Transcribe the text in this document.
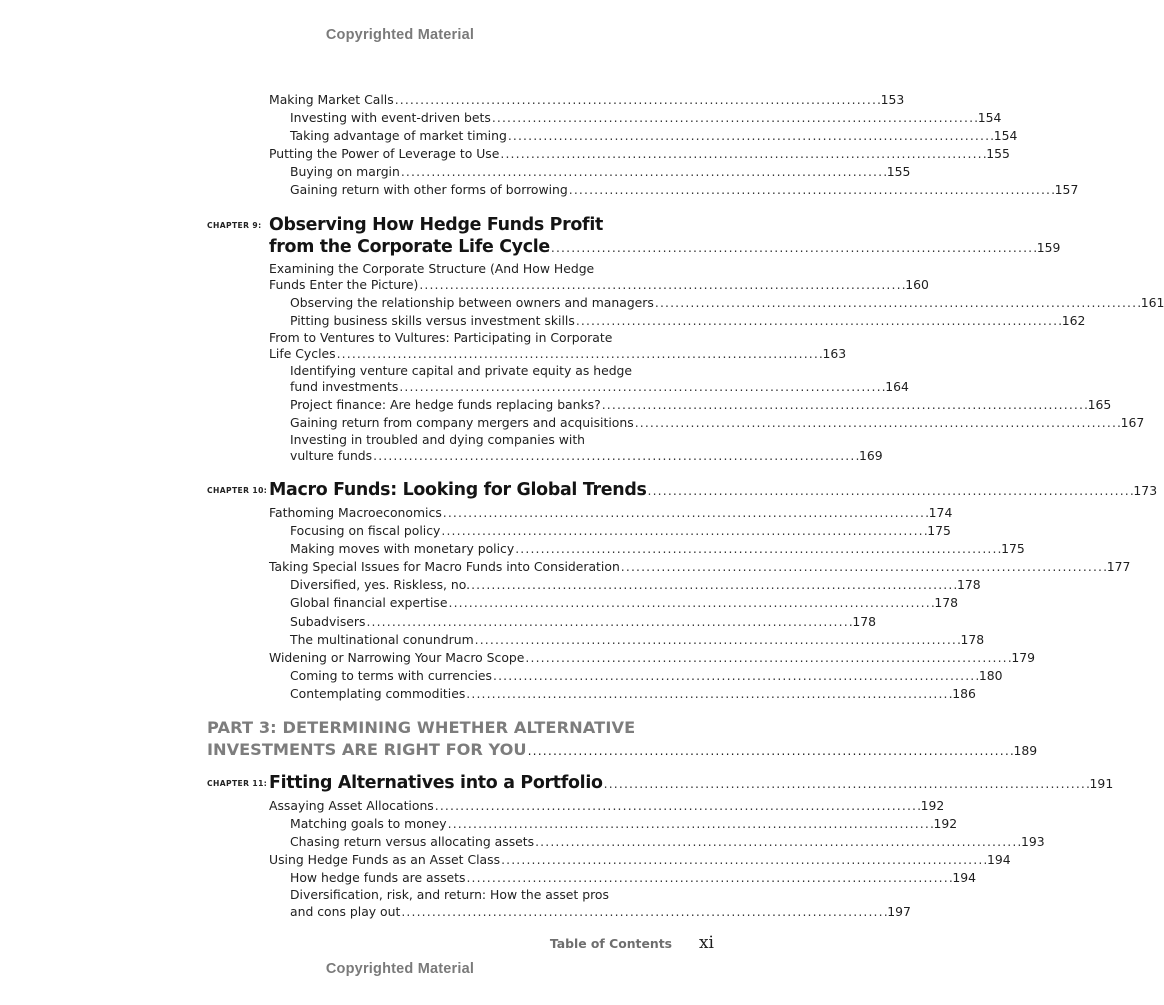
Copyrighted Material
Making Market Calls . . .	153
Investing with event-driven bets . . .	154
Taking advantage of market timing . . .	154
Putting the Power of Leverage to Use . . .	155
Buying on margin . . .	155
Gaining return with other forms of borrowing . . .	157
CHAPTER 9: Observing How Hedge Funds Profit
from the Corporate Life Cycle . . .	159
Examining the Corporate Structure (And How Hedge
Funds Enter the Picture) . . .	160
Observing the relationship between owners and managers . . .	161
Pitting business skills versus investment skills . . .	162
From to Ventures to Vultures: Participating in Corporate
Life Cycles . . .	163
Identifying venture capital and private equity as hedge
fund investments . . .	164
Project finance: Are hedge funds replacing banks? . . .	165
Gaining return from company mergers and acquisitions . . .	167
Investing in troubled and dying companies with
vulture funds . . .	169
CHAPTER 10: Macro Funds: Looking for Global Trends . . .	173
Fathoming Macroeconomics . . .	174
Focusing on fiscal policy . . .	175
Making moves with monetary policy . . .	175
Taking Special Issues for Macro Funds into Consideration . . .	177
Diversified, yes. Riskless, no. . . .	178
Global financial expertise . . .	178
Subadvisers . . .	178
The multinational conundrum . . .	178
Widening or Narrowing Your Macro Scope . . .	179
Coming to terms with currencies . . .	180
Contemplating commodities . . .	186
PART 3: DETERMINING WHETHER ALTERNATIVE
INVESTMENTS ARE RIGHT FOR YOU . . .	189
CHAPTER 11: Fitting Alternatives into a Portfolio . . .	191
Assaying Asset Allocations . . .	192
Matching goals to money . . .	192
Chasing return versus allocating assets . . .	193
Using Hedge Funds as an Asset Class . . .	194
How hedge funds are assets . . .	194
Diversification, risk, and return: How the asset pros
and cons play out . . .	197
Table of Contents xi
Copyrighted Material
